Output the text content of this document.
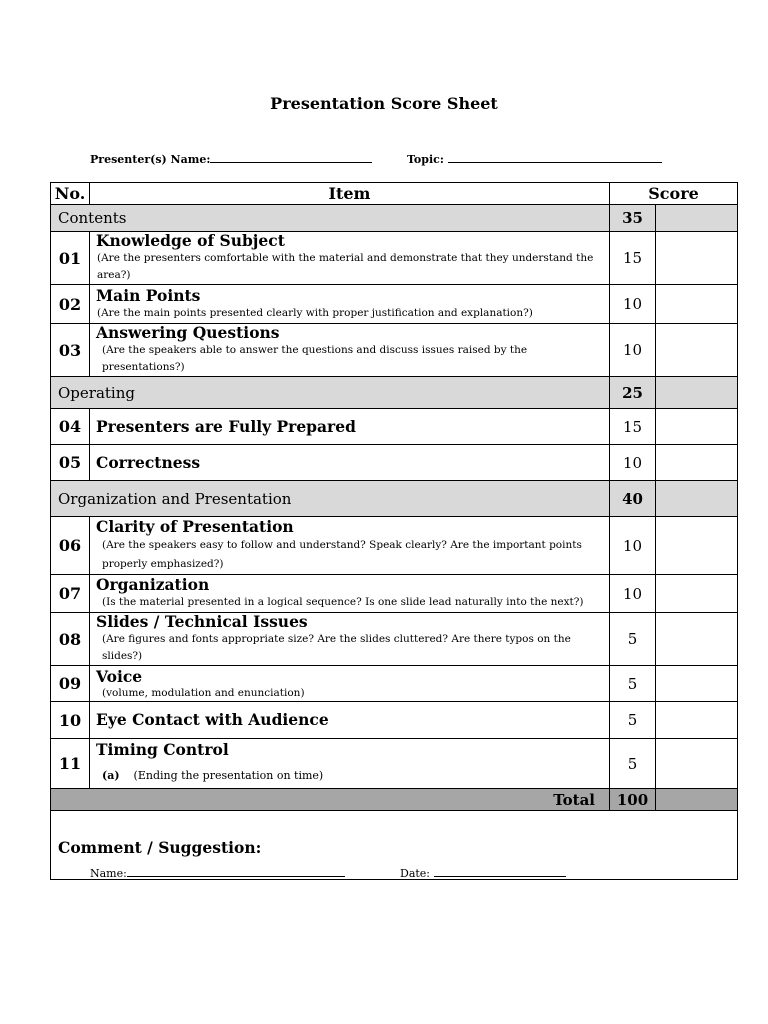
Presentation Score Sheet
Presenter(s) Name:	Topic:
No.	Item	Score	
Contents		35	
01	Knowledge of Subject
(Are the presenters comfortable with the material and demonstrate that they understand the area?)	15	
02	Main Points
(Are the main points presented clearly with proper justification and explanation?)	10	
03	Answering Questions
(Are the speakers able to answer the questions and discuss issues raised by the presentations?)	10	
Operating		25	
04	Presenters are Fully Prepared	15	
05	Correctness	10	
Organization and Presentation		40	
06	Clarity of Presentation
(Are the speakers easy to follow and understand? Speak clearly? Are the important points properly emphasized?)	10	
07	Organization
(Is the material presented in a logical sequence? Is one slide lead naturally into the next?)	10	
08	Slides / Technical Issues
(Are figures and fonts appropriate size? Are the slides cluttered? Are there typos on the slides?)	5	
09	Voice
(volume, modulation and enunciation)	5	
10	Eye Contact with Audience	5	
11	Timing Control
(a) (Ending the presentation on time)	5	
Total		100	

Comment / Suggestion:			
Name:	Date:
